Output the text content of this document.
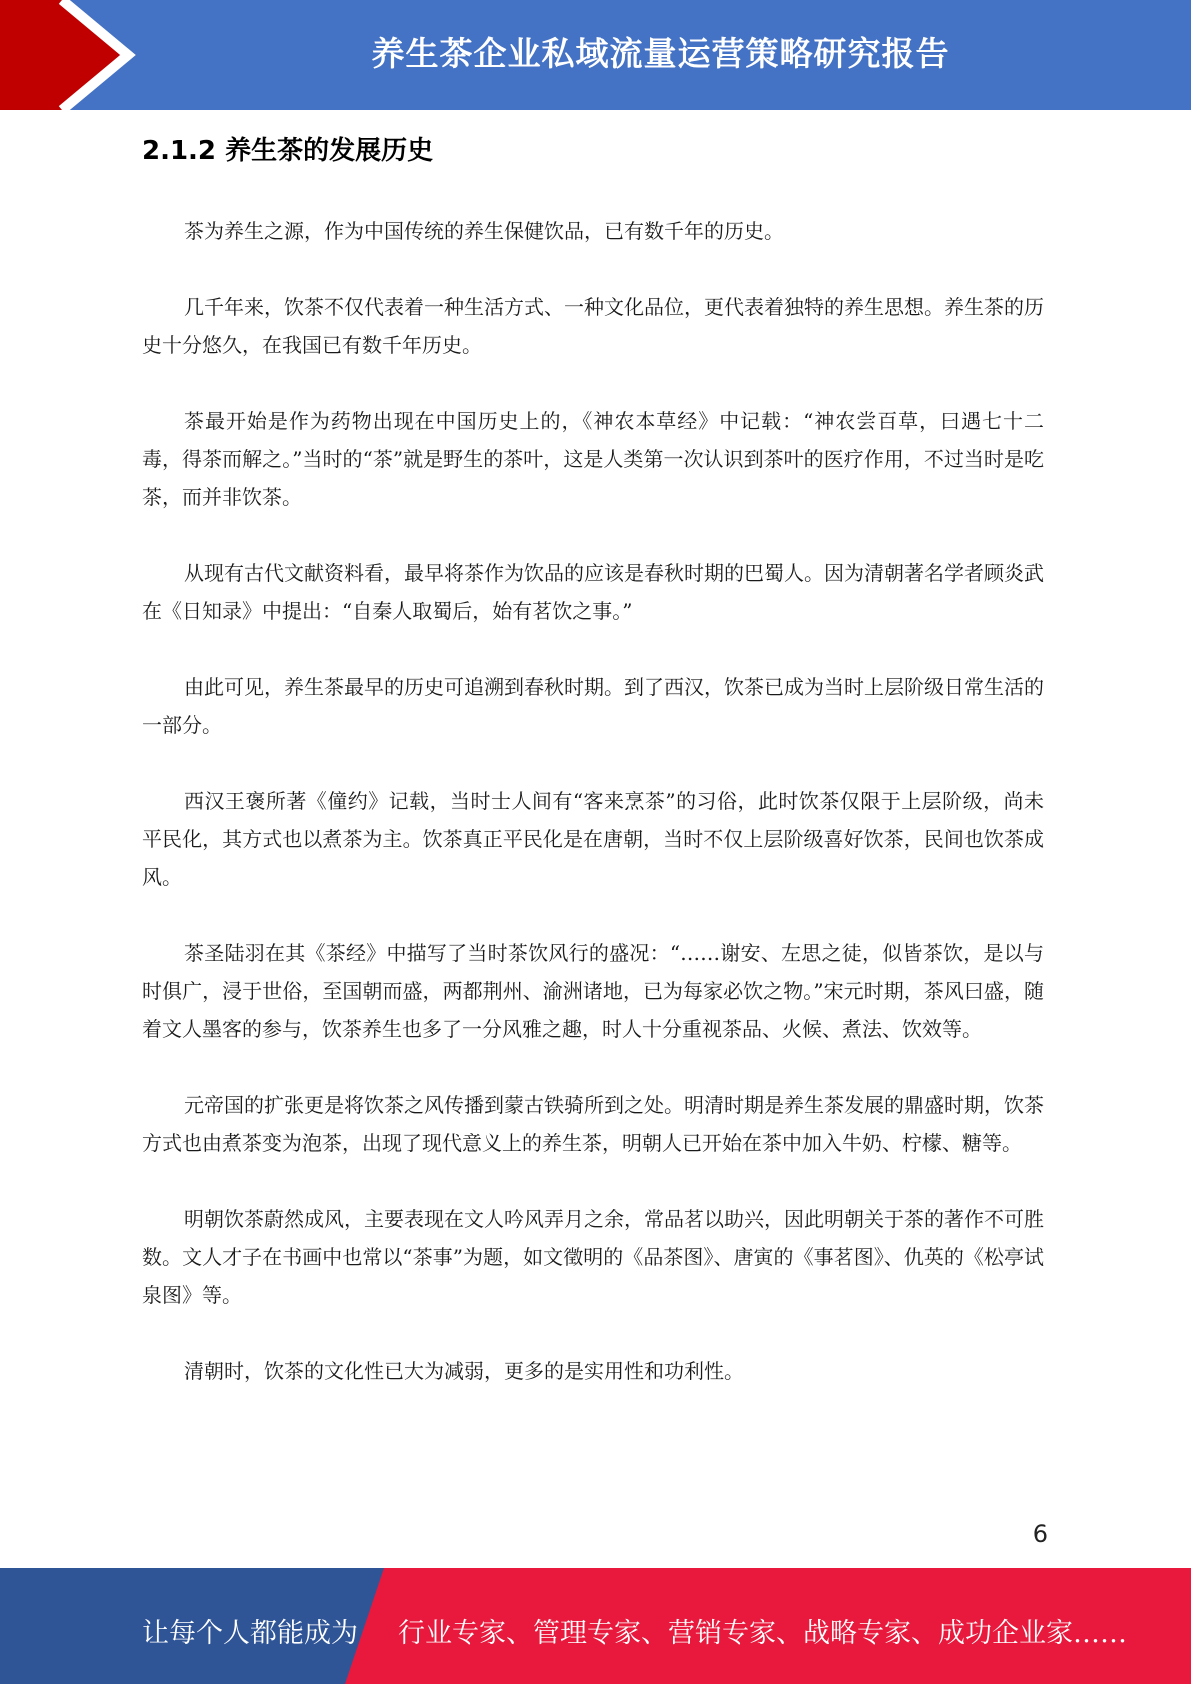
养生茶企业私域流量运营策略研究报告
2.1.2 养生茶的发展历史

茶为养生之源，作为中国传统的养生保健饮品，已有数千年的历史。

几千年来，饮茶不仅代表着一种生活方式、一种文化品位，更代表着独特的养生思想。养生茶的历史十分悠久，在我国已有数千年历史。

茶最开始是作为药物出现在中国历史上的，《神农本草经》中记载：“神农尝百草，曰遇七十二毒，得茶而解之。”当时的“茶”就是野生的茶叶，这是人类第一次认识到茶叶的医疗作用，不过当时是吃茶，而并非饮茶。

从现有古代文献资料看，最早将茶作为饮品的应该是春秋时期的巴蜀人。因为清朝著名学者顾炎武在《日知录》中提出：“自秦人取蜀后，始有茗饮之事。”

由此可见，养生茶最早的历史可追溯到春秋时期。到了西汉，饮茶已成为当时上层阶级日常生活的一部分。

西汉王褒所著《僮约》记载，当时士人间有“客来烹茶”的习俗，此时饮茶仅限于上层阶级，尚未平民化，其方式也以煮茶为主。饮茶真正平民化是在唐朝，当时不仅上层阶级喜好饮茶，民间也饮茶成风。

茶圣陆羽在其《茶经》中描写了当时茶饮风行的盛况：“……谢安、左思之徒，似皆茶饮，是以与时俱广，浸于世俗，至国朝而盛，两都荆州、渝洲诸地，已为每家必饮之物。”宋元时期，茶风曰盛，随着文人墨客的参与，饮茶养生也多了一分风雅之趣，时人十分重视茶品、火候、煮法、饮效等。

元帝国的扩张更是将饮茶之风传播到蒙古铁骑所到之处。明清时期是养生茶发展的鼎盛时期，饮茶方式也由煮茶变为泡茶，出现了现代意义上的养生茶，明朝人已开始在茶中加入牛奶、柠檬、糖等。

明朝饮茶蔚然成风，主要表现在文人吟风弄月之余，常品茗以助兴，因此明朝关于茶的著作不可胜数。文人才子在书画中也常以“茶事”为题，如文徵明的《品茶图》、唐寅的《事茗图》、仇英的《松亭试泉图》等。

清朝时，饮茶的文化性已大为减弱，更多的是实用性和功利性。

6
让每个人都能成为 行业专家、管理专家、营销专家、战略专家、成功企业家……
